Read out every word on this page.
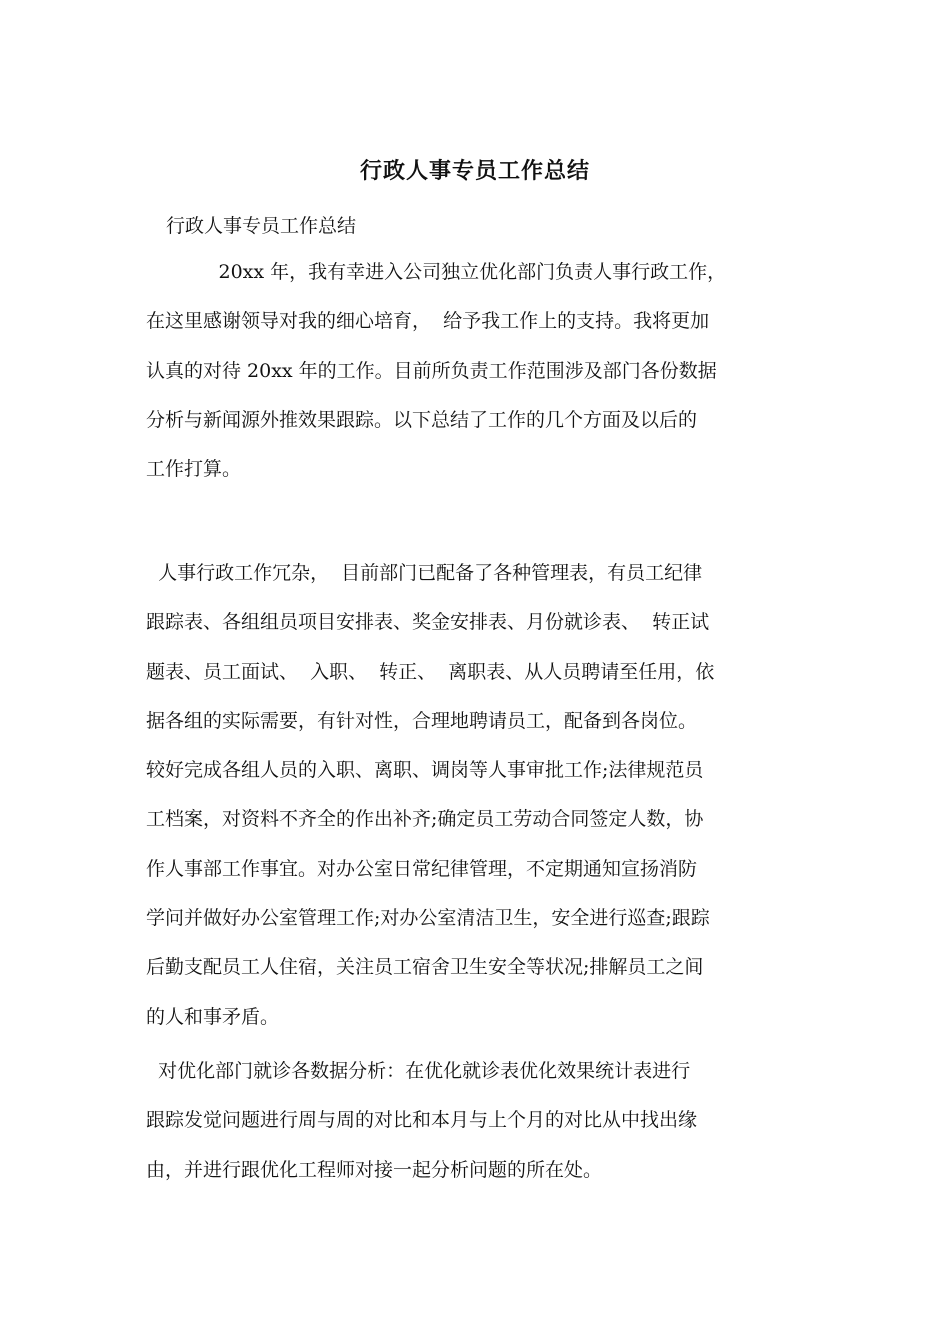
行政人事专员工作总结
行政人事专员工作总结
20xx 年，我有幸进入公司独立优化部门负责人事行政工作，
在这里感谢领导对我的细心培育，  给予我工作上的支持。我将更加
认真的对待 20xx 年的工作。目前所负责工作范围涉及部门各份数据
分析与新闻源外推效果跟踪。以下总结了工作的几个方面及以后的
工作打算。
人事行政工作冗杂，  目前部门已配备了各种管理表，有员工纪律
跟踪表、各组组员项目安排表、奖金安排表、月份就诊表、  转正试
题表、员工面试、  入职、  转正、  离职表、从人员聘请至任用，依
据各组的实际需要，有针对性，合理地聘请员工，配备到各岗位。
较好完成各组人员的入职、离职、调岗等人事审批工作;法律规范员
工档案，对资料不齐全的作出补齐;确定员工劳动合同签定人数，协
作人事部工作事宜。对办公室日常纪律管理，不定期通知宣扬消防
学问并做好办公室管理工作;对办公室清洁卫生，安全进行巡查;跟踪
后勤支配员工人住宿，关注员工宿舍卫生安全等状况;排解员工之间
的人和事矛盾。
对优化部门就诊各数据分析：在优化就诊表优化效果统计表进行
跟踪发觉问题进行周与周的对比和本月与上个月的对比从中找出缘
由，并进行跟优化工程师对接一起分析问题的所在处。
